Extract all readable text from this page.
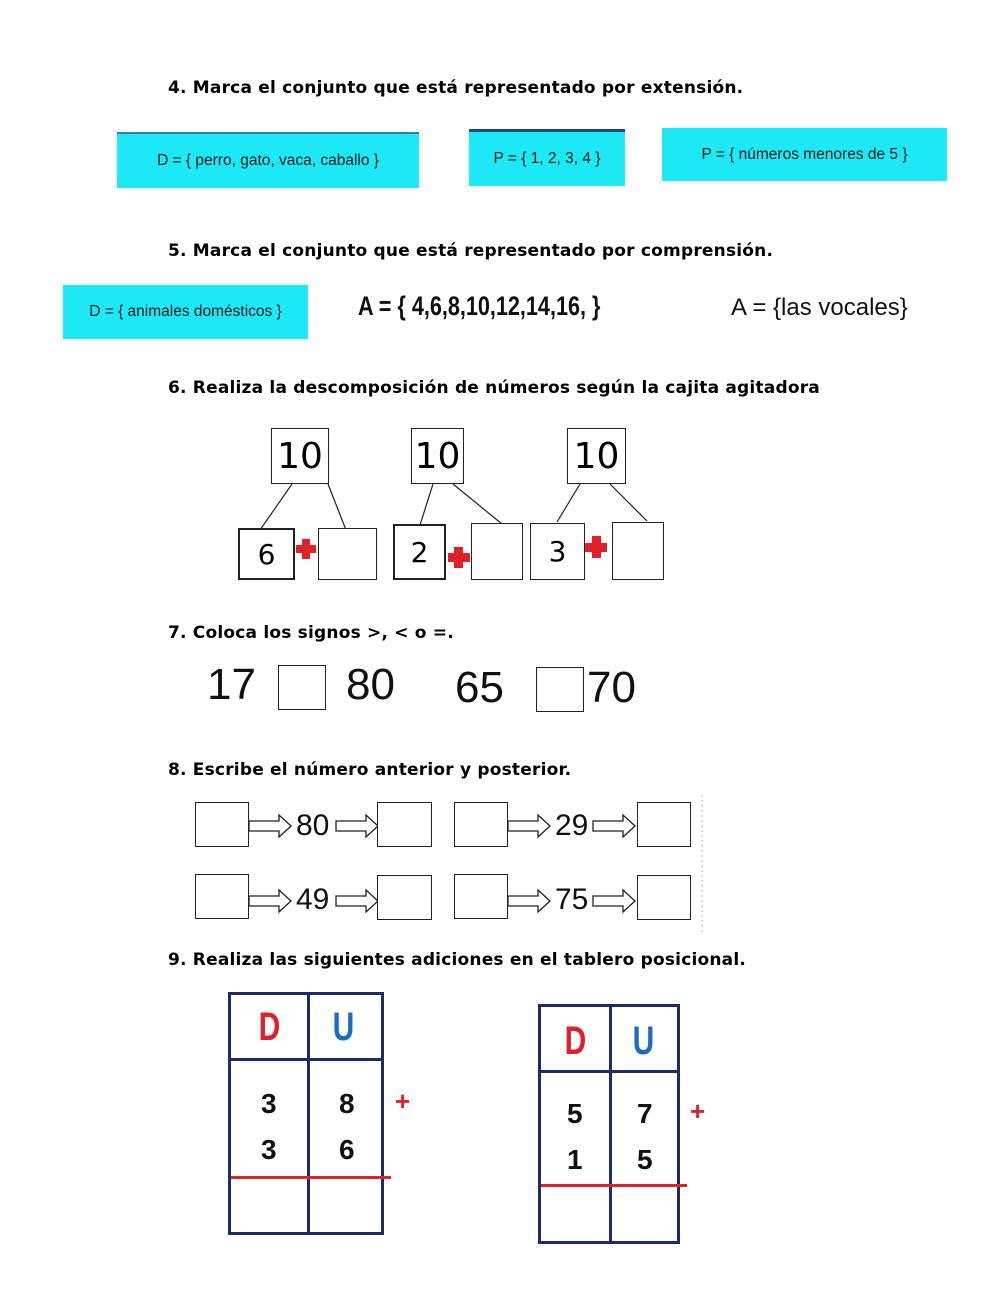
4. Marca el conjunto que está representado por extensión.
D = { perro, gato, vaca, caballo }	P = { 1, 2, 3, 4 }	P = { números menores de 5 }
5. Marca el conjunto que está representado por comprensión.
D = { animales domésticos }	A = { 4,6,8,10,12,14,16, }	A = {las vocales}
6. Realiza la descomposición de números según la cajita agitadora
10	10	10
6	2	3
7. Coloca los signos >, < o =.
17 80 65 70
8. Escribe el número anterior y posterior.
80	29
49	75
9. Realiza las siguientes adiciones en el tablero posicional.
D U
3 8
3 6
+
D U
5 7
1 5
+
